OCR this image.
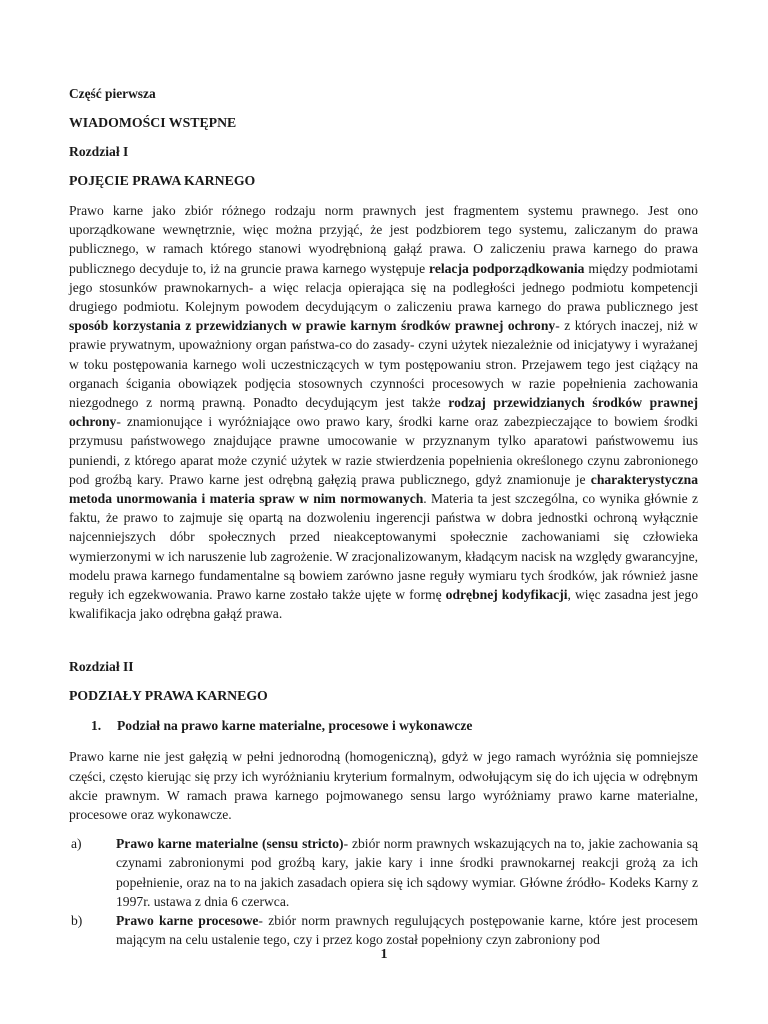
Część pierwsza
WIADOMOŚCI WSTĘPNE
Rozdział I
POJĘCIE PRAWA KARNEGO

Prawo karne jako zbiór różnego rodzaju norm prawnych jest fragmentem systemu prawnego. Jest ono uporządkowane wewnętrznie, więc można przyjąć, że jest podzbiorem tego systemu, zaliczanym do prawa publicznego, w ramach którego stanowi wyodrębnioną gałąź prawa. O zaliczeniu prawa karnego do prawa publicznego decyduje to, iż na gruncie prawa karnego występuje relacja podporządkowania między podmiotami jego stosunków prawnokarnych- a więc relacja opierająca się na podległości jednego podmiotu kompetencji drugiego podmiotu. Kolejnym powodem decydującym o zaliczeniu prawa karnego do prawa publicznego jest sposób korzystania z przewidzianych w prawie karnym środków prawnej ochrony- z których inaczej, niż w prawie prywatnym, upoważniony organ państwa-co do zasady- czyni użytek niezależnie od inicjatywy i wyrażanej w toku postępowania karnego woli uczestniczących w tym postępowaniu stron. Przejawem tego jest ciążący na organach ścigania obowiązek podjęcia stosownych czynności procesowych w razie popełnienia zachowania niezgodnego z normą prawną. Ponadto decydującym jest także rodzaj przewidzianych środków prawnej ochrony- znamionujące i wyróżniające owo prawo kary, środki karne oraz zabezpieczające to bowiem środki przymusu państwowego znajdujące prawne umocowanie w przyznanym tylko aparatowi państwowemu ius puniendi, z którego aparat może czynić użytek w razie stwierdzenia popełnienia określonego czynu zabronionego pod groźbą kary. Prawo karne jest odrębną gałęzią prawa publicznego, gdyż znamionuje je charakterystyczna metoda unormowania i materia spraw w nim normowanych. Materia ta jest szczególna, co wynika głównie z faktu, że prawo to zajmuje się opartą na dozwoleniu ingerencji państwa w dobra jednostki ochroną wyłącznie najcenniejszych dóbr społecznych przed nieakceptowanymi społecznie zachowaniami się człowieka wymierzonymi w ich naruszenie lub zagrożenie. W zracjonalizowanym, kładącym nacisk na względy gwarancyjne, modelu prawa karnego fundamentalne są bowiem zarówno jasne reguły wymiaru tych środków, jak również jasne reguły ich egzekwowania. Prawo karne zostało także ujęte w formę odrębnej kodyfikacji, więc zasadna jest jego kwalifikacja jako odrębna gałąź prawa.

Rozdział II
PODZIAŁY PRAWA KARNEGO
1.	Podział na prawo karne materialne, procesowe i wykonawcze

Prawo karne nie jest gałęzią w pełni jednorodną (homogeniczną), gdyż w jego ramach wyróżnia się pomniejsze części, często kierując się przy ich wyróżnianiu kryterium formalnym, odwołującym się do ich ujęcia w odrębnym akcie prawnym. W ramach prawa karnego pojmowanego sensu largo wyróżniamy prawo karne materialne, procesowe oraz wykonawcze.

a)	Prawo karne materialne (sensu stricto)- zbiór norm prawnych wskazujących na to, jakie zachowania są czynami zabronionymi pod groźbą kary, jakie kary i inne środki prawnokarnej reakcji grożą za ich popełnienie, oraz na to na jakich zasadach opiera się ich sądowy wymiar. Główne źródło- Kodeks Karny z 1997r. ustawa z dnia 6 czerwca.

b)	Prawo karne procesowe- zbiór norm prawnych regulujących postępowanie karne, które jest procesem mającym na celu ustalenie tego, czy i przez kogo został popełniony czyn zabroniony pod

1
